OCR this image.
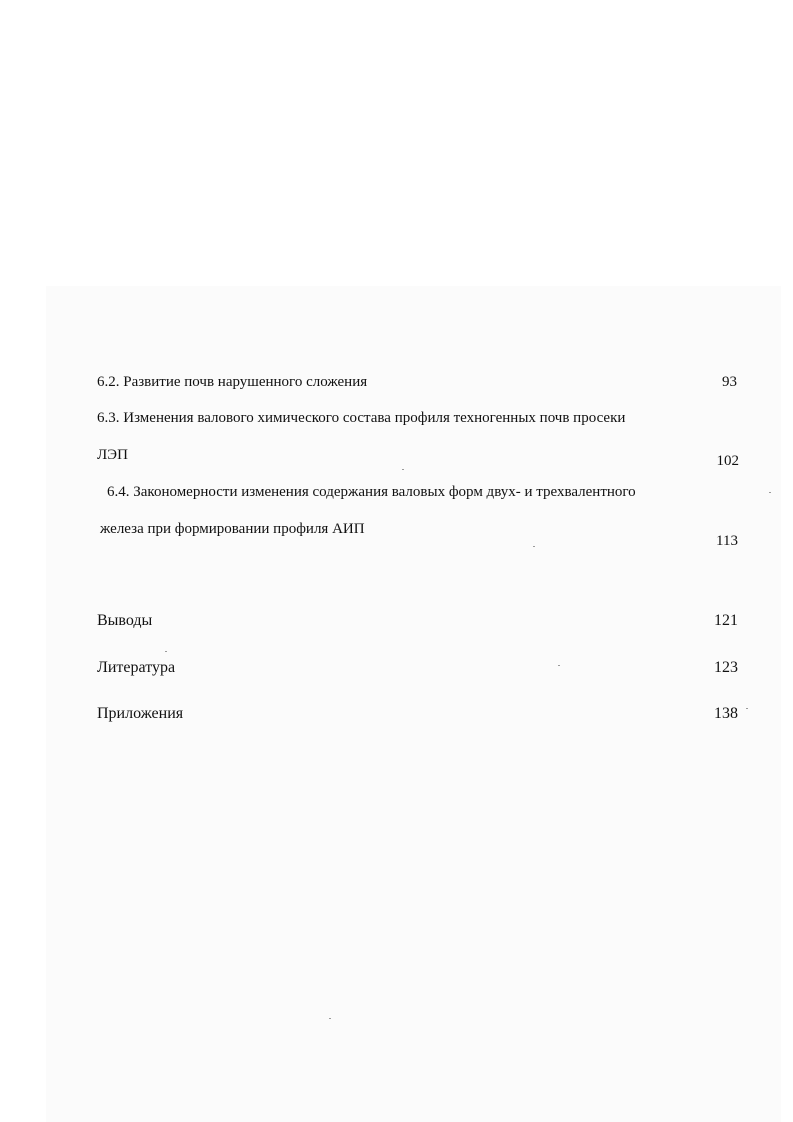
6.2. Развитие почв нарушенного сложения	93
6.3. Изменения валового химического состава профиля техногенных почв просеки
ЛЭП	102
6.4. Закономерности изменения содержания валовых форм двух- и трехвалентного
железа при формировании профиля АИП
113
Выводы	121
Литература	123
Приложения	138
